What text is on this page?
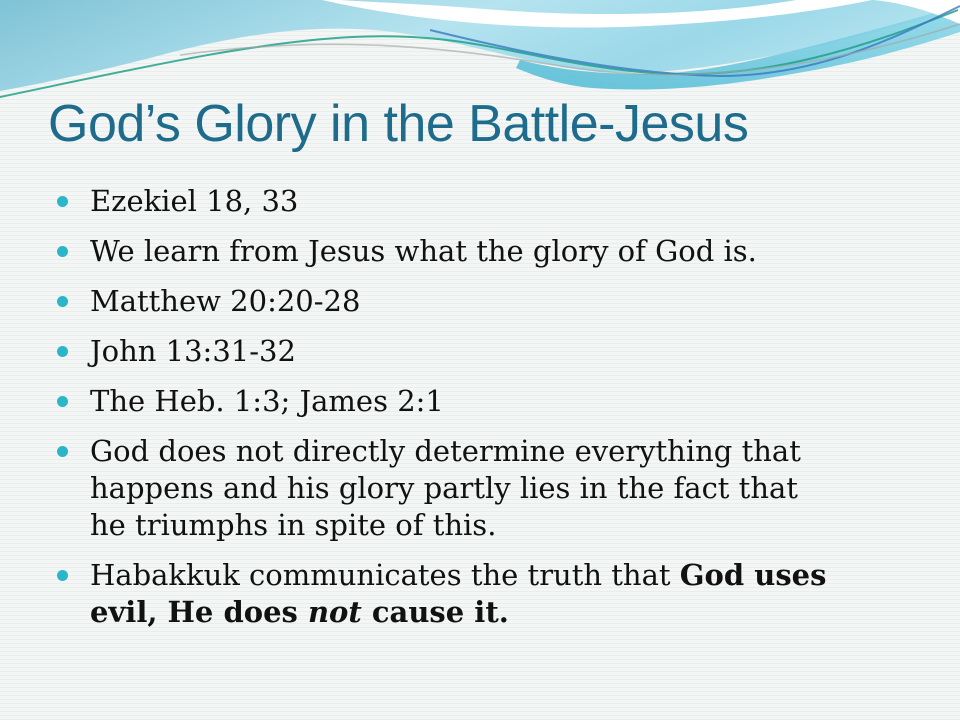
God’s Glory in the Battle-Jesus
Ezekiel 18, 33
We learn from Jesus what the glory of God is.
Matthew 20:20-28
John 13:31-32
The Heb. 1:3; James 2:1
God does not directly determine everything that happens and his glory partly lies in the fact that he triumphs in spite of this.
Habakkuk communicates the truth that God uses evil, He does not cause it.
